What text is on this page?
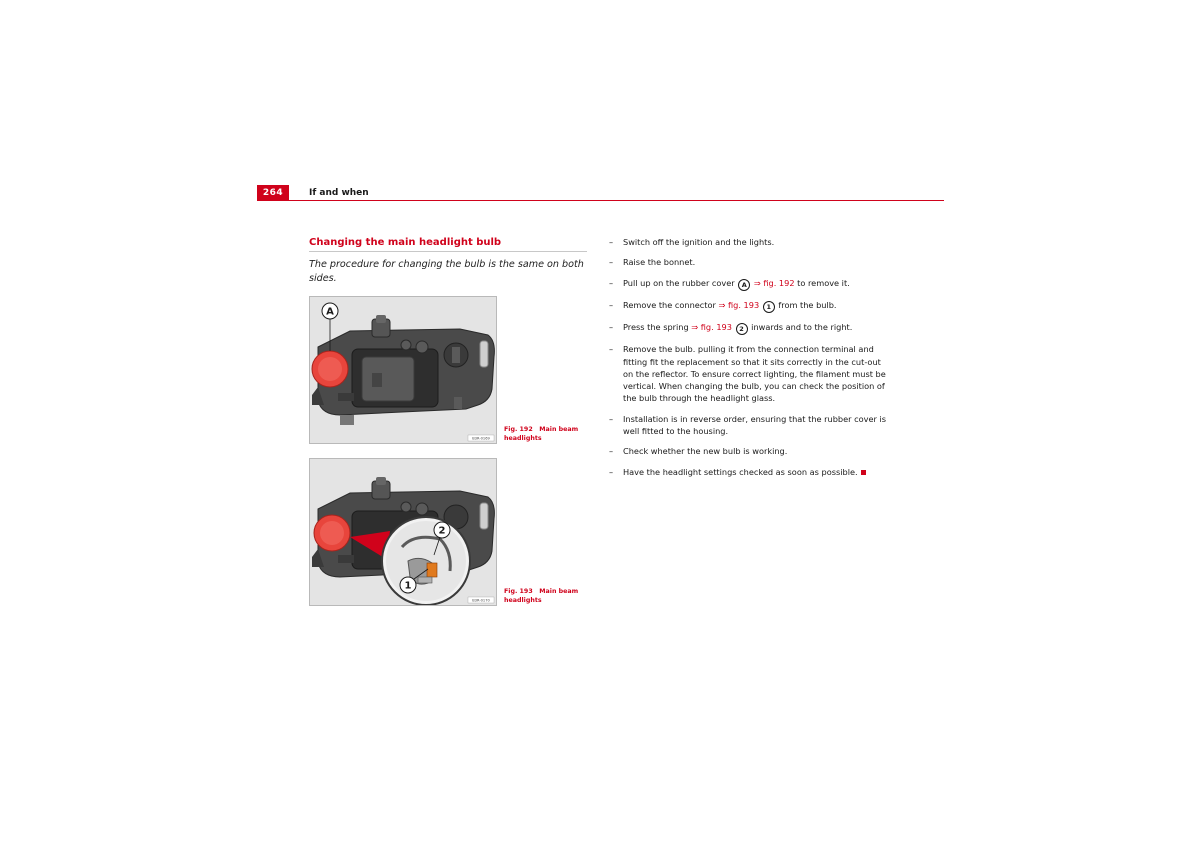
264	If and when
Changing the main headlight bulb
The procedure for changing the bulb is the same on both sides.
A
B3R-0169
Fig. 192 Main beam
headlights
2
1
B3R-0170
Fig. 193 Main beam
headlights
– Switch off the ignition and the lights.
– Raise the bonnet.
– Pull up on the rubber cover A ⇒ fig. 192 to remove it.
– Remove the connector ⇒ fig. 193 1 from the bulb.
– Press the spring ⇒ fig. 193 2 inwards and to the right.
– Remove the bulb. pulling it from the connection terminal and fitting fit the replacement so that it sits correctly in the cut-out on the reflector. To ensure correct lighting, the filament must be vertical. When changing the bulb, you can check the position of the bulb through the headlight glass.
– Installation is in reverse order, ensuring that the rubber cover is well fitted to the housing.
– Check whether the new bulb is working.
– Have the headlight settings checked as soon as possible.
